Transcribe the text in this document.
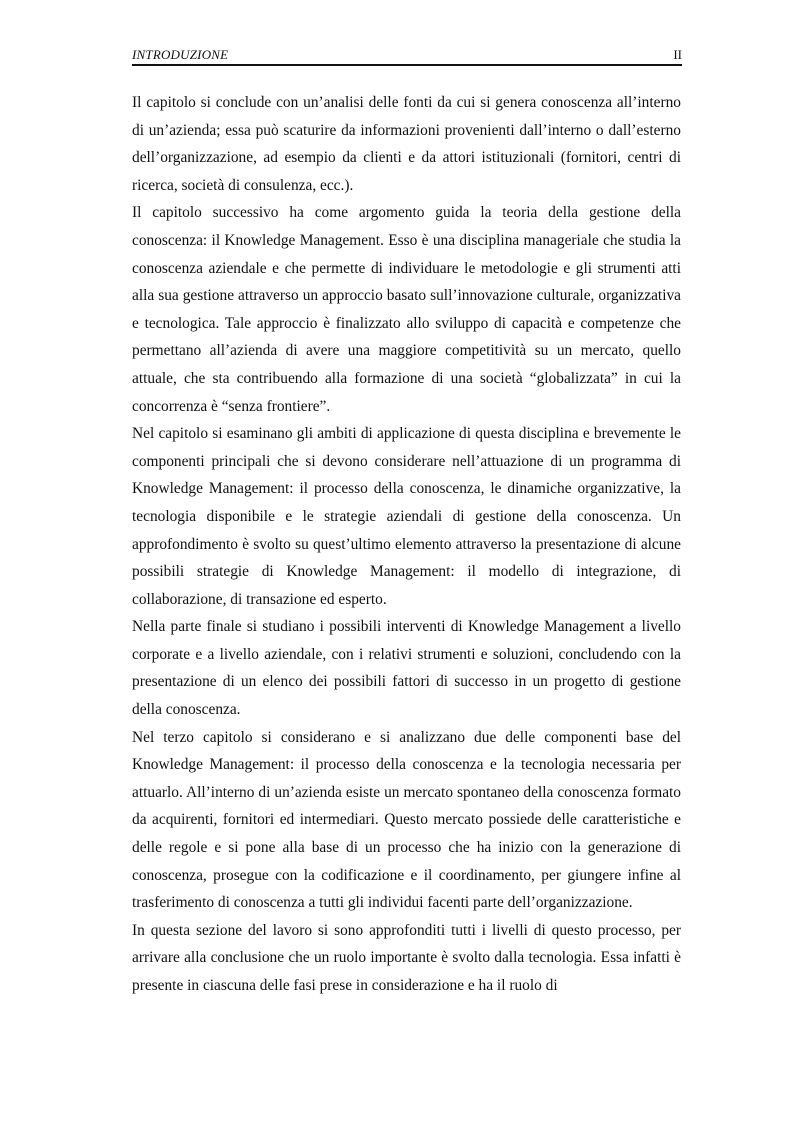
INTRODUZIONE	II

Il capitolo si conclude con un’analisi delle fonti da cui si genera conoscenza all’interno di un’azienda; essa può scaturire da informazioni provenienti dall’interno o dall’esterno dell’organizzazione, ad esempio da clienti e da attori istituzionali (fornitori, centri di ricerca, società di consulenza, ecc.).

Il capitolo successivo ha come argomento guida la teoria della gestione della conoscenza: il Knowledge Management. Esso è una disciplina manageriale che studia la conoscenza aziendale e che permette di individuare le metodologie e gli strumenti atti alla sua gestione attraverso un approccio basato sull’innovazione culturale, organizzativa e tecnologica. Tale approccio è finalizzato allo sviluppo di capacità e competenze che permettano all’azienda di avere una maggiore competitività su un mercato, quello attuale, che sta contribuendo alla formazione di una società “globalizzata” in cui la concorrenza è “senza frontiere”.

Nel capitolo si esaminano gli ambiti di applicazione di questa disciplina e brevemente le componenti principali che si devono considerare nell’attuazione di un programma di Knowledge Management: il processo della conoscenza, le dinamiche organizzative, la tecnologia disponibile e le strategie aziendali di gestione della conoscenza. Un approfondimento è svolto su quest’ultimo elemento attraverso la presentazione di alcune possibili strategie di Knowledge Management: il modello di integrazione, di collaborazione, di transazione ed esperto.

Nella parte finale si studiano i possibili interventi di Knowledge Management a livello corporate e a livello aziendale, con i relativi strumenti e soluzioni, concludendo con la presentazione di un elenco dei possibili fattori di successo in un progetto di gestione della conoscenza.

Nel terzo capitolo si considerano e si analizzano due delle componenti base del Knowledge Management: il processo della conoscenza e la tecnologia necessaria per attuarlo. All’interno di un’azienda esiste un mercato spontaneo della conoscenza formato da acquirenti, fornitori ed intermediari. Questo mercato possiede delle caratteristiche e delle regole e si pone alla base di un processo che ha inizio con la generazione di conoscenza, prosegue con la codificazione e il coordinamento, per giungere infine al trasferimento di conoscenza a tutti gli individui facenti parte dell’organizzazione.

In questa sezione del lavoro si sono approfonditi tutti i livelli di questo processo, per arrivare alla conclusione che un ruolo importante è svolto dalla tecnologia. Essa infatti è presente in ciascuna delle fasi prese in considerazione e ha il ruolo di
